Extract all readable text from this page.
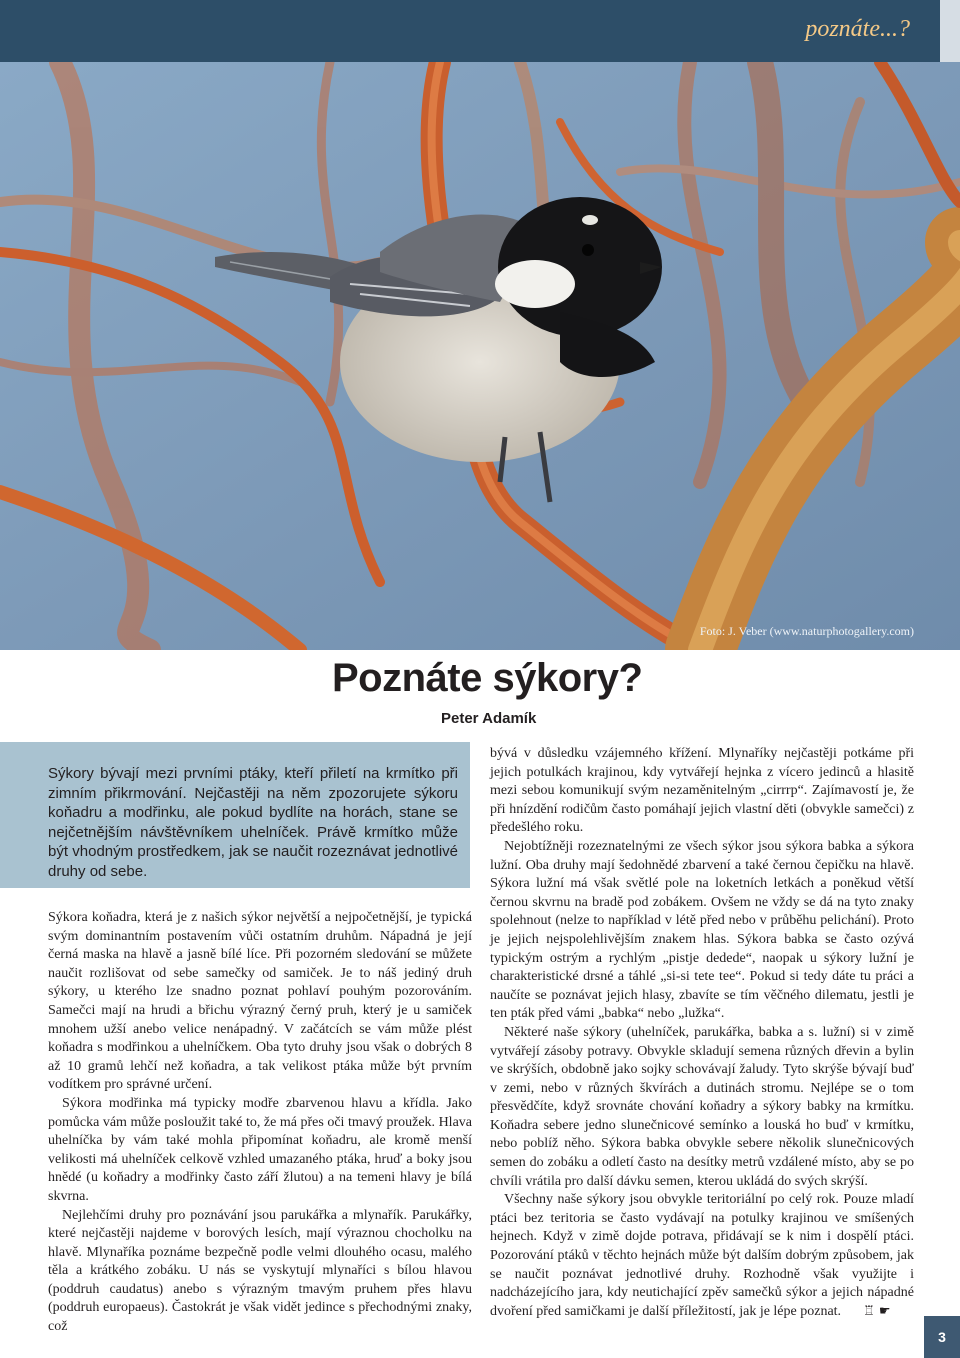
poznáte...?
Foto: J. Veber (www.naturphotogallery.com)
Poznáte sýkory?
Peter Adamík

Sýkory bývají mezi prvními ptáky, kteří přiletí na krmítko při zimním přikrmování. Nejčastěji na něm zpozorujete sýkoru koňadru a modřinku, ale pokud bydlíte na horách, stane se nejčetnějším návštěvníkem uhelníček. Právě krmítko může být vhodným prostředkem, jak se naučit rozeznávat jednotlivé druhy od sebe.

Sýkora koňadra, která je z našich sýkor největší a nejpočetnější, je typická svým dominantním postavením vůči ostatním druhům. Nápadná je její černá maska na hlavě a jasně bílé líce. Při pozorném sledování se můžete naučit rozlišovat od sebe samečky od samiček. Je to náš jediný druh sýkory, u kterého lze snadno poznat pohlaví pouhým pozorováním. Samečci mají na hrudi a břichu výrazný černý pruh, který je u samiček mnohem užší anebo velice nenápadný. V začátcích se vám může plést koňadra s modřinkou a uhelníčkem. Oba tyto druhy jsou však o dobrých 8 až 10 gramů lehčí než koňadra, a tak velikost ptáka může být prvním vodítkem pro správné určení.

Sýkora modřinka má typicky modře zbarvenou hlavu a křídla. Jako pomůcka vám může posloužit také to, že má přes oči tmavý proužek. Hlava uhelníčka by vám také mohla připomínat koňadru, ale kromě menší velikosti má uhelníček celkově vzhled umazaného ptáka, hruď a boky jsou hnědé (u koňadry a modřinky často září žlutou) a na temeni hlavy je bílá skvrna.

Nejlehčími druhy pro poznávání jsou parukářka a mlynařík. Parukářky, které nejčastěji najdeme v borových lesích, mají výraznou chocholku na hlavě. Mlynaříka poznáme bezpečně podle velmi dlouhého ocasu, malého těla a krátkého zobáku. U nás se vyskytují mlynaříci s bílou hlavou (poddruh caudatus) anebo s výrazným tmavým pruhem přes hlavu (poddruh europaeus). Častokrát je však vidět jedince s přechodnými znaky, což

bývá v důsledku vzájemného křížení. Mlynaříky nejčastěji potkáme při jejich potulkách krajinou, kdy vytvářejí hejnka z vícero jedinců a hlasitě mezi sebou komunikují svým nezaměnitelným „cirrrp“. Zajímavostí je, že při hnízdění rodičům často pomáhají jejich vlastní děti (obvykle samečci) z předešlého roku.

Nejobtížněji rozeznatelnými ze všech sýkor jsou sýkora babka a sýkora lužní. Oba druhy mají šedohnědé zbarvení a také černou čepičku na hlavě. Sýkora lužní má však světlé pole na loketních letkách a poněkud větší černou skvrnu na bradě pod zobákem. Ovšem ne vždy se dá na tyto znaky spolehnout (nelze to například v létě před nebo v průběhu pelichání). Proto je jejich nejspolehlivějším znakem hlas. Sýkora babka se často ozývá typickým ostrým a rychlým „pistje dedede“, naopak u sýkory lužní je charakteristické drsné a táhlé „si-si tete tee“. Pokud si tedy dáte tu práci a naučíte se poznávat jejich hlasy, zbavíte se tím věčného dilematu, jestli je ten pták před vámi „babka“ nebo „lužka“.

Některé naše sýkory (uhelníček, parukářka, babka a s. lužní) si v zimě vytvářejí zásoby potravy. Obvykle skladují semena různých dřevin a bylin ve skrýších, obdobně jako sojky schovávají žaludy. Tyto skrýše bývají buď v zemi, nebo v různých škvírách a dutinách stromu. Nejlépe se o tom přesvědčíte, když srovnáte chování koňadry a sýkory babky na krmítku. Koňadra sebere jedno slunečnicové semínko a louská ho buď v krmítku, nebo poblíž něho. Sýkora babka obvykle sebere několik slunečnicových semen do zobáku a odletí často na desítky metrů vzdálené místo, aby se po chvíli vrátila pro další dávku semen, kterou ukládá do svých skrýší.

Všechny naše sýkory jsou obvykle teritoriální po celý rok. Pouze mladí ptáci bez teritoria se často vydávají na potulky krajinou ve smíšených hejnech. Když v zimě dojde potrava, přidávají se k nim i dospělí ptáci. Pozorování ptáků v těchto hejnách může být dalším dobrým způsobem, jak se naučit poznávat jednotlivé druhy. Rozhodně však využijte i nadcházejícího jara, kdy neutichající zpěv samečků sýkor a jejich nápadné dvoření před samičkami je další příležitostí, jak je lépe poznat. ♖ ☛

3
